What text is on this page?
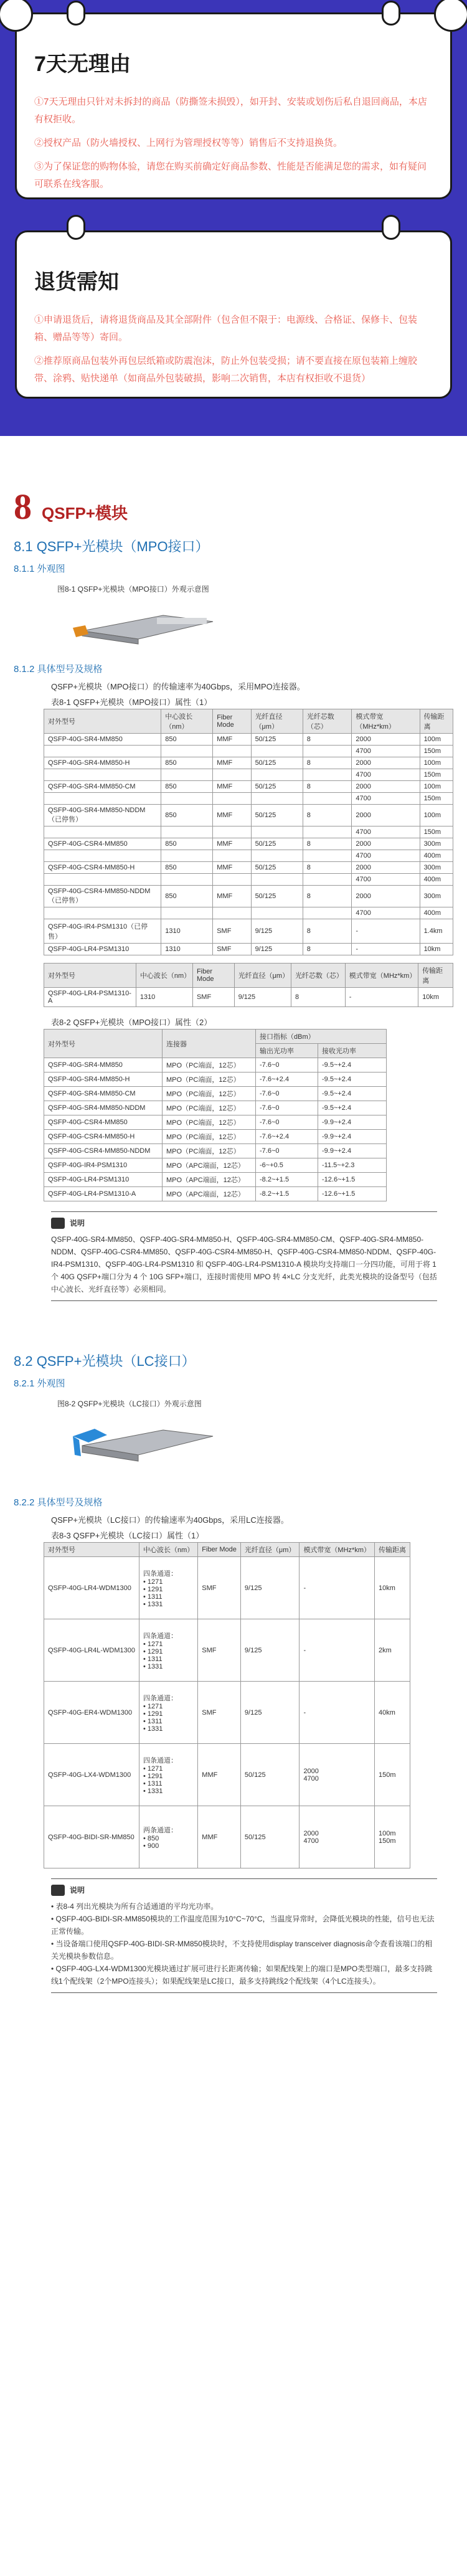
7天无理由

①7天无理由只针对未拆封的商品（防撕签未损毁），如开封、安装或划伤后私自退回商品，本店有权拒收。

②授权产品（防火墙授权、上网行为管理授权等等）销售后不支持退换货。

③为了保证您的购物体验，请您在购买前确定好商品参数、性能是否能满足您的需求，如有疑问可联系在线客服。

退货需知

①申请退货后，请将退货商品及其全部附件（包含但不限于：电源线、合格证、保修卡、包装箱、赠品等等）寄回。

②推荐原商品包装外再包层纸箱或防震泡沫，防止外包装受损；请不要直接在原包装箱上缠胶带、涂鸦、贴快递单（如商品外包装破损，影响二次销售，本店有权拒收不退货）

8 QSFP+模块
8.1 QSFP+光模块（MPO接口）
8.1.1 外观图
图8-1 QSFP+光模块（MPO接口）外观示意图
8.1.2 具体型号及规格
QSFP+光模块（MPO接口）的传输速率为40Gbps，采用MPO连接器。
表8-1 QSFP+光模块（MPO接口）属性（1）
对外型号	中心波长（nm）	Fiber Mode	光纤直径（μm）	光纤芯数（芯）	模式带宽（MHz*km）	传输距离
QSFP-40G-SR4-MM850	850	MMF	50/125	8	2000	100m
					4700	150m
QSFP-40G-SR4-MM850-H	850	MMF	50/125	8	2000	100m
					4700	150m
QSFP-40G-SR4-MM850-CM	850	MMF	50/125	8	2000	100m
					4700	150m
QSFP-40G-SR4-MM850-NDDM（已停售）	850	MMF	50/125	8	2000	100m
					4700	150m
QSFP-40G-CSR4-MM850	850	MMF	50/125	8	2000	300m
					4700	400m
QSFP-40G-CSR4-MM850-H	850	MMF	50/125	8	2000	300m
					4700	400m
QSFP-40G-CSR4-MM850-NDDM（已停售）	850	MMF	50/125	8	2000	300m
					4700	400m
QSFP-40G-IR4-PSM1310（已停售）	1310	SMF	9/125	8	-	1.4km
QSFP-40G-LR4-PSM1310	1310	SMF	9/125	8	-	10km
对外型号	中心波长（nm）	Fiber Mode	光纤直径（μm）	光纤芯数（芯）	模式带宽（MHz*km）	传输距离
QSFP-40G-LR4-PSM1310-A	1310	SMF	9/125	8	-	10km
表8-2 QSFP+光模块（MPO接口）属性（2）
对外型号	连接器	接口指标（dBm）	
		输出光功率	接收光功率
QSFP-40G-SR4-MM850	MPO（PC端面，12芯）	-7.6~0	-9.5~+2.4
QSFP-40G-SR4-MM850-H	MPO（PC端面，12芯）	-7.6~+2.4	-9.5~+2.4
QSFP-40G-SR4-MM850-CM	MPO（PC端面，12芯）	-7.6~0	-9.5~+2.4
QSFP-40G-SR4-MM850-NDDM	MPO（PC端面，12芯）	-7.6~0	-9.5~+2.4
QSFP-40G-CSR4-MM850	MPO（PC端面，12芯）	-7.6~0	-9.9~+2.4
QSFP-40G-CSR4-MM850-H	MPO（PC端面，12芯）	-7.6~+2.4	-9.9~+2.4
QSFP-40G-CSR4-MM850-NDDM	MPO（PC端面，12芯）	-7.6~0	-9.9~+2.4
QSFP-40G-IR4-PSM1310	MPO（APC端面，12芯）	-6~+0.5	-11.5~+2.3
QSFP-40G-LR4-PSM1310	MPO（APC端面，12芯）	-8.2~+1.5	-12.6~+1.5
QSFP-40G-LR4-PSM1310-A	MPO（APC端面，12芯）	-8.2~+1.5	-12.6~+1.5
说明
QSFP-40G-SR4-MM850、QSFP-40G-SR4-MM850-H、QSFP-40G-SR4-MM850-CM、QSFP-40G-SR4-MM850-NDDM、QSFP-40G-CSR4-MM850、QSFP-40G-CSR4-MM850-H、QSFP-40G-CSR4-MM850-NDDM、QSFP-40G-IR4-PSM1310、QSFP-40G-LR4-PSM1310 和 QSFP-40G-LR4-PSM1310-A 模块均支持端口一分四功能，可用于将 1 个 40G QSFP+端口分为 4 个 10G SFP+端口，连接时需使用 MPO 转 4×LC 分支光纤，此类光模块的设备型号（包括中心波长、光纤直径等）必须相同。
8.2 QSFP+光模块（LC接口）
8.2.1 外观图
图8-2 QSFP+光模块（LC接口）外观示意图
8.2.2 具体型号及规格
QSFP+光模块（LC接口）的传输速率为40Gbps，采用LC连接器。
表8-3 QSFP+光模块（LC接口）属性（1）
对外型号	中心波长（nm）	Fiber Mode	光纤直径（μm）	模式带宽（MHz*km）	传输距离
QSFP-40G-LR4-WDM1300	四条通道：
• 1271
• 1291
• 1311
• 1331	SMF	9/125	-	10km
QSFP-40G-LR4L-WDM1300	四条通道：
• 1271
• 1291
• 1311
• 1331	SMF	9/125	-	2km
QSFP-40G-ER4-WDM1300	四条通道：
• 1271
• 1291
• 1311
• 1331	SMF	9/125	-	40km
QSFP-40G-LX4-WDM1300	四条通道：
• 1271
• 1291
• 1311
• 1331	MMF	50/125	2000
4700	150m
QSFP-40G-BIDI-SR-MM850	两条通道：
• 850
• 900	MMF	50/125	2000
4700	100m
150m
说明
• 表8-4 列出光模块为所有合适通道的平均光功率。
• QSFP-40G-BIDI-SR-MM850模块的工作温度范围为10°C~70°C，当温度异常时，会降低光模块的性能，信号也无法正常传输。
• 当设备端口使用QSFP-40G-BIDI-SR-MM850模块时，不支持使用display transceiver diagnosis命令查看该端口的相关光模块参数信息。
• QSFP-40G-LX4-WDM1300光模块通过扩展可进行长距离传输；如果配线架上的端口是MPO类型端口，最多支持跳线1个配线架（2个MPO连接头）；如果配线架是LC接口，最多支持跳线2个配线架（4个LC连接头）。
